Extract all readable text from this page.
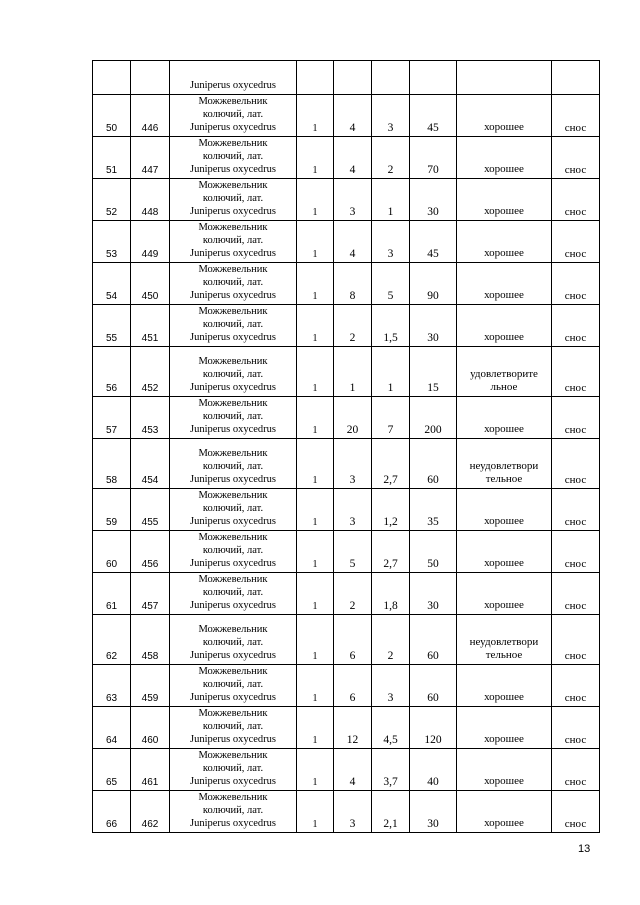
		Juniperus oxycedrus						

50	446	Можжевельник
колючий, лат.
Juniperus oxycedrus	1	4	3	45	хорошее	снос
51	447	Можжевельник
колючий, лат.
Juniperus oxycedrus	1	4	2	70	хорошее	снос
52	448	Можжевельник
колючий, лат.
Juniperus oxycedrus	1	3	1	30	хорошее	снос
53	449	Можжевельник
колючий, лат.
Juniperus oxycedrus	1	4	3	45	хорошее	снос
54	450	Можжевельник
колючий, лат.
Juniperus oxycedrus	1	8	5	90	хорошее	снос
55	451	Можжевельник
колючий, лат.
Juniperus oxycedrus	1	2	1,5	30	хорошее	снос
56	452	Можжевельник
колючий, лат.
Juniperus oxycedrus	1	1	1	15	удовлетворите льное	снос
57	453	Можжевельник
колючий, лат.
Juniperus oxycedrus	1	20	7	200	хорошее	снос
58	454	Можжевельник
колючий, лат.
Juniperus oxycedrus	1	3	2,7	60	неудовлетвори тельное	снос
59	455	Можжевельник
колючий, лат.
Juniperus oxycedrus	1	3	1,2	35	хорошее	снос
60	456	Можжевельник
колючий, лат.
Juniperus oxycedrus	1	5	2,7	50	хорошее	снос
61	457	Можжевельник
колючий, лат.
Juniperus oxycedrus	1	2	1,8	30	хорошее	снос
62	458	Можжевельник
колючий, лат.
Juniperus oxycedrus	1	6	2	60	неудовлетвори тельное	снос
63	459	Можжевельник
колючий, лат.
Juniperus oxycedrus	1	6	3	60	хорошее	снос
64	460	Можжевельник
колючий, лат.
Juniperus oxycedrus	1	12	4,5	120	хорошее	снос
65	461	Можжевельник
колючий, лат.
Juniperus oxycedrus	1	4	3,7	40	хорошее	снос
66	462	Можжевельник
колючий, лат.
Juniperus oxycedrus	1	3	2,1	30	хорошее	снос
13
